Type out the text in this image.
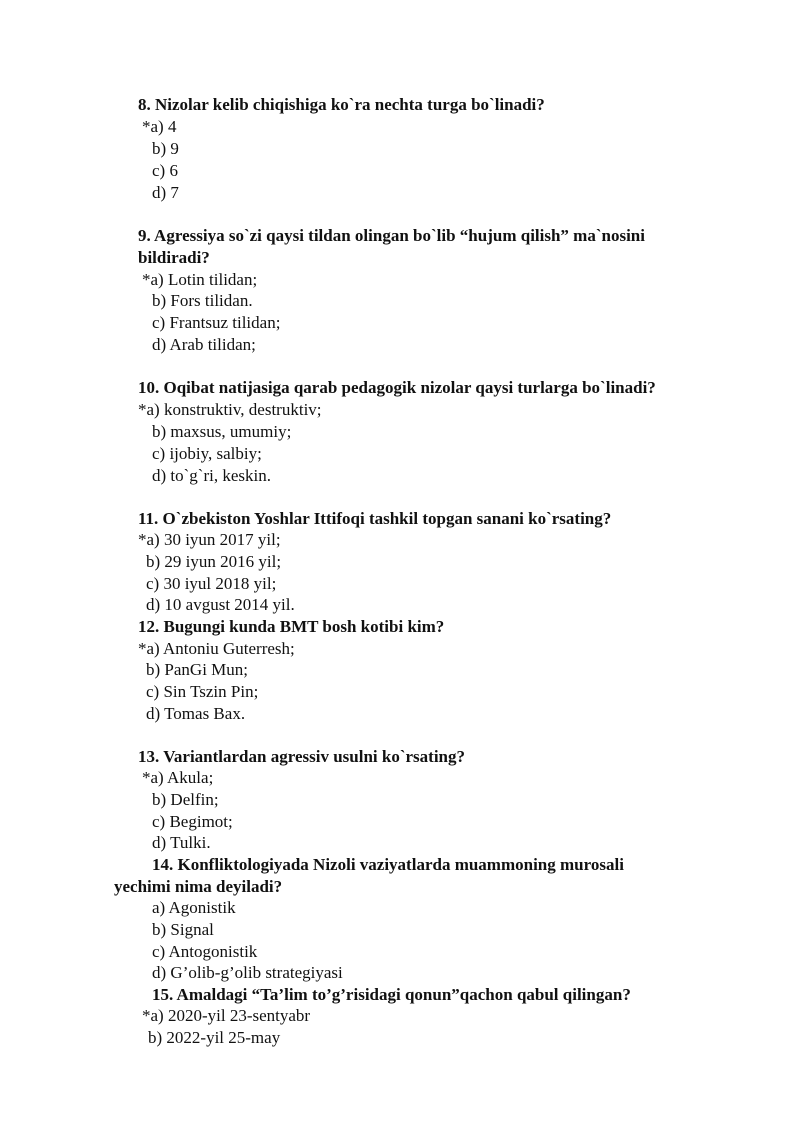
8. Nizolar kelib chiqishiga ko`ra nechta turga bo`linadi?
*a) 4
b) 9
c) 6
d) 7
9. Agressiya so`zi qaysi tildan olingan bo`lib “hujum qilish” ma`nosini
bildiradi?
*a) Lotin tilidan;
b) Fors tilidan.
c) Frantsuz tilidan;
d) Arab tilidan;
10. Oqibat natijasiga qarab pedagogik nizolar qaysi turlarga bo`linadi?
*a) konstruktiv, destruktiv;
b) maxsus, umumiy;
c) ijobiy, salbiy;
d) to`g`ri, keskin.
11. O`zbekiston Yoshlar Ittifoqi tashkil topgan sanani ko`rsating?
*a) 30 iyun 2017 yil;
b) 29 iyun 2016 yil;
c) 30 iyul 2018 yil;
d) 10 avgust 2014 yil.
12. Bugungi kunda BMT bosh kotibi kim?
*a) Antoniu Guterresh;
b) PanGi Mun;
c) Sin Tszin Pin;
d) Tomas Bax.
13. Variantlardan agressiv usulni ko`rsating?
*a) Akula;
b) Delfin;
c) Begimot;
d) Tulki.
14. Konfliktologiyada Nizoli vaziyatlarda muammoning murosali
yechimi nima deyiladi?
a) Agonistik
b) Signal
c) Antogonistik
d) G’olib-g’olib strategiyasi
15. Amaldagi “Ta’lim to’g’risidagi qonun”qachon qabul qilingan?
*a) 2020-yil 23-sentyabr
b) 2022-yil 25-may
